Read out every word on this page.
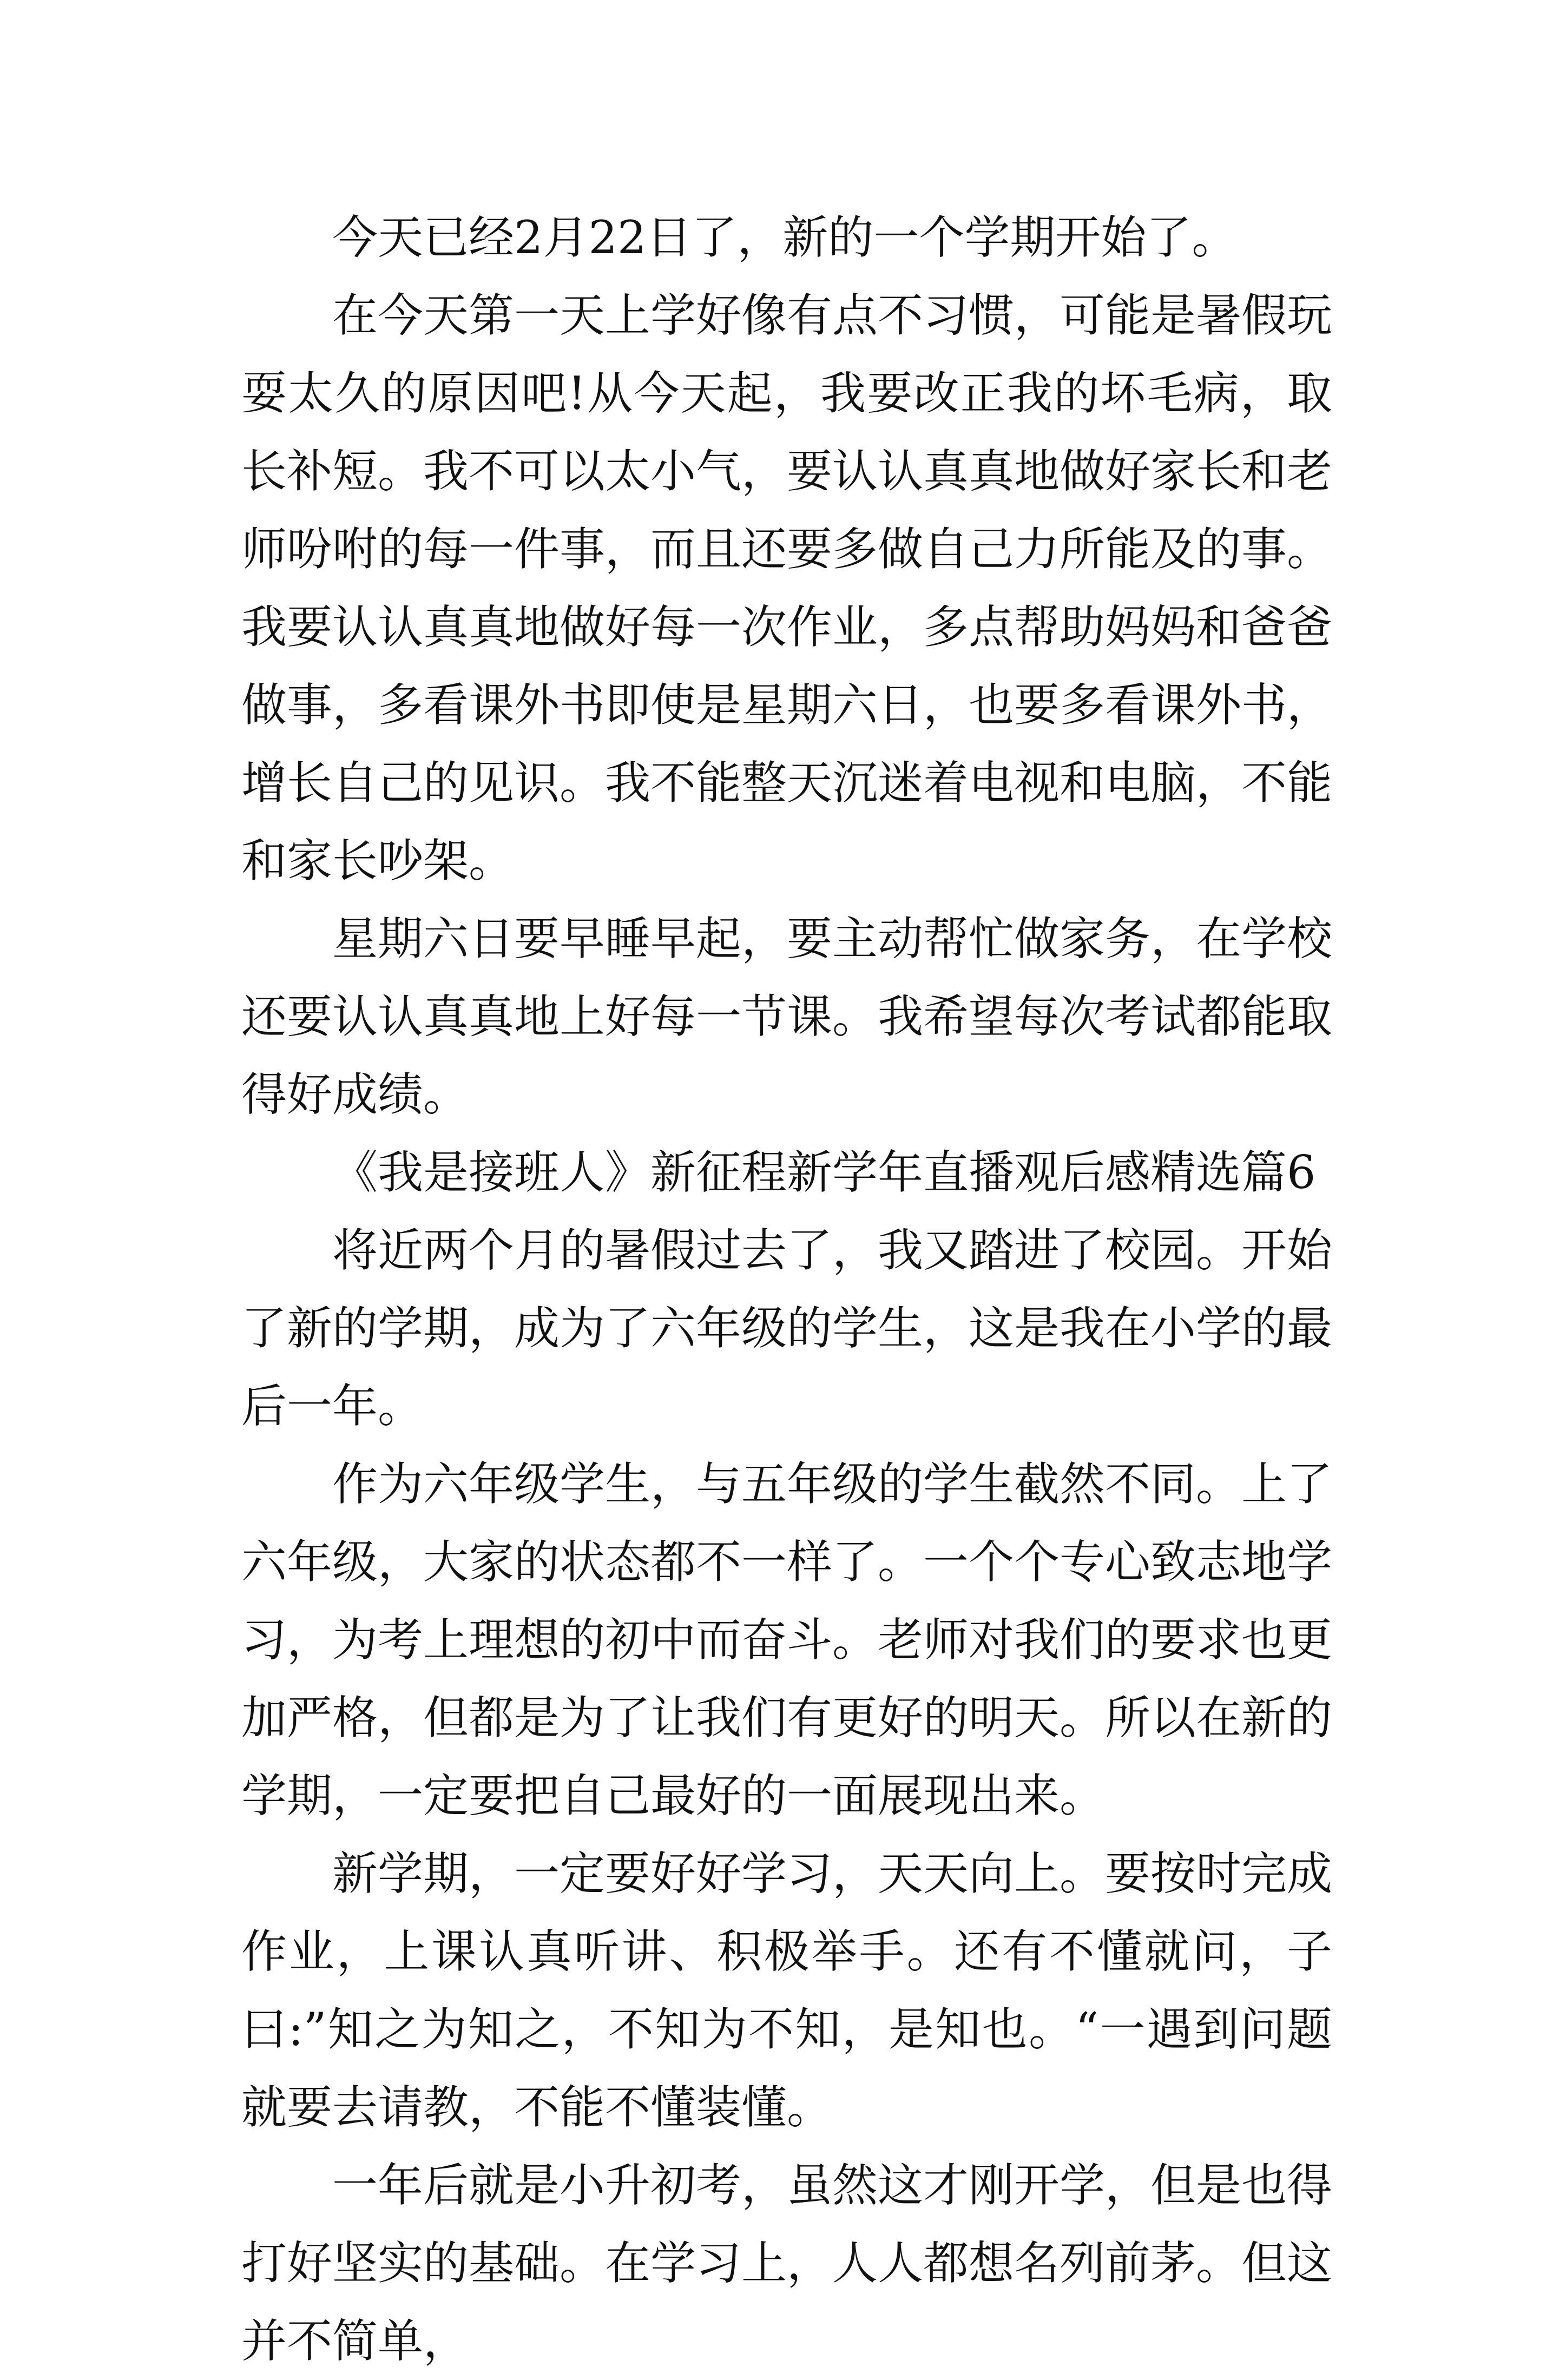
今天已经2月22日了，新的一个学期开始了。

在今天第一天上学好像有点不习惯，可能是暑假玩耍太久的原因吧!从今天起，我要改正我的坏毛病，取长补短。我不可以太小气，要认认真真地做好家长和老师吩咐的每一件事，而且还要多做自己力所能及的事。我要认认真真地做好每一次作业，多点帮助妈妈和爸爸做事，多看课外书即使是星期六日，也要多看课外书，增长自己的见识。我不能整天沉迷着电视和电脑，不能和家长吵架。

星期六日要早睡早起，要主动帮忙做家务，在学校还要认认真真地上好每一节课。我希望每次考试都能取得好成绩。

《我是接班人》新征程新学年直播观后感精选篇6

将近两个月的暑假过去了，我又踏进了校园。开始了新的学期，成为了六年级的学生，这是我在小学的最后一年。

作为六年级学生，与五年级的学生截然不同。上了六年级，大家的状态都不一样了。一个个专心致志地学习，为考上理想的初中而奋斗。老师对我们的要求也更加严格，但都是为了让我们有更好的明天。所以在新的学期，一定要把自己最好的一面展现出来。

新学期，一定要好好学习，天天向上。要按时完成作业，上课认真听讲、积极举手。还有不懂就问，子曰:”知之为知之，不知为不知，是知也。“一遇到问题就要去请教，不能不懂装懂。

一年后就是小升初考，虽然这才刚开学，但是也得打好坚实的基础。在学习上，人人都想名列前茅。但这并不简单，
